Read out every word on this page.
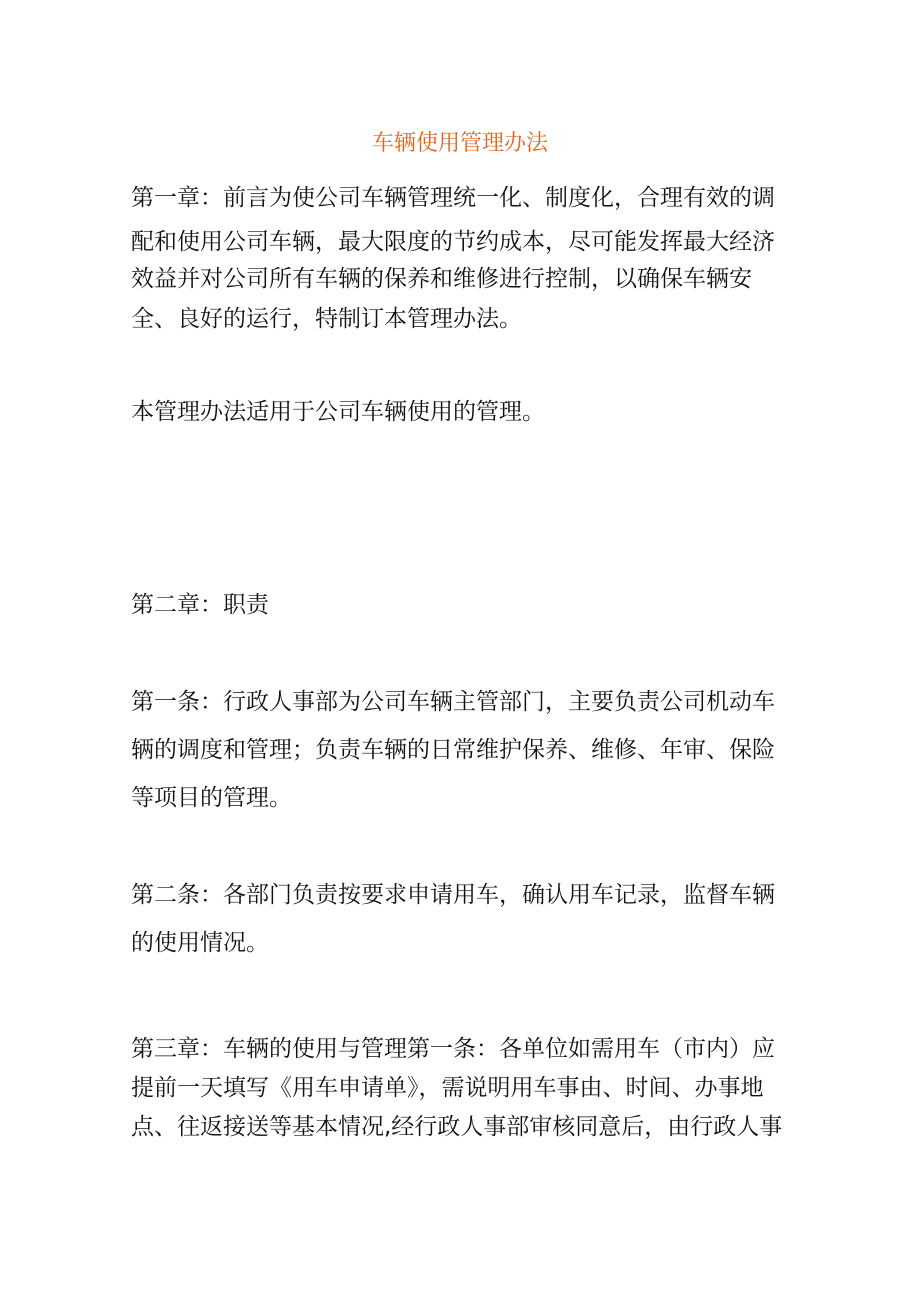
车辆使用管理办法
第一章：前言为使公司车辆管理统一化、制度化，合理有效的调
配和使用公司车辆，最大限度的节约成本，尽可能发挥最大经济
效益并对公司所有车辆的保养和维修进行控制，以确保车辆安
全、良好的运行，特制订本管理办法。
本管理办法适用于公司车辆使用的管理。
第二章：职责
第一条：行政人事部为公司车辆主管部门，主要负责公司机动车
辆的调度和管理；负责车辆的日常维护保养、维修、年审、保险
等项目的管理。
第二条：各部门负责按要求申请用车，确认用车记录，监督车辆
的使用情况。
第三章：车辆的使用与管理第一条：各单位如需用车（市内）应
提前一天填写《用车申请单》，需说明用车事由、时间、办事地
点、往返接送等基本情况,经行政人事部审核同意后，由行政人事
